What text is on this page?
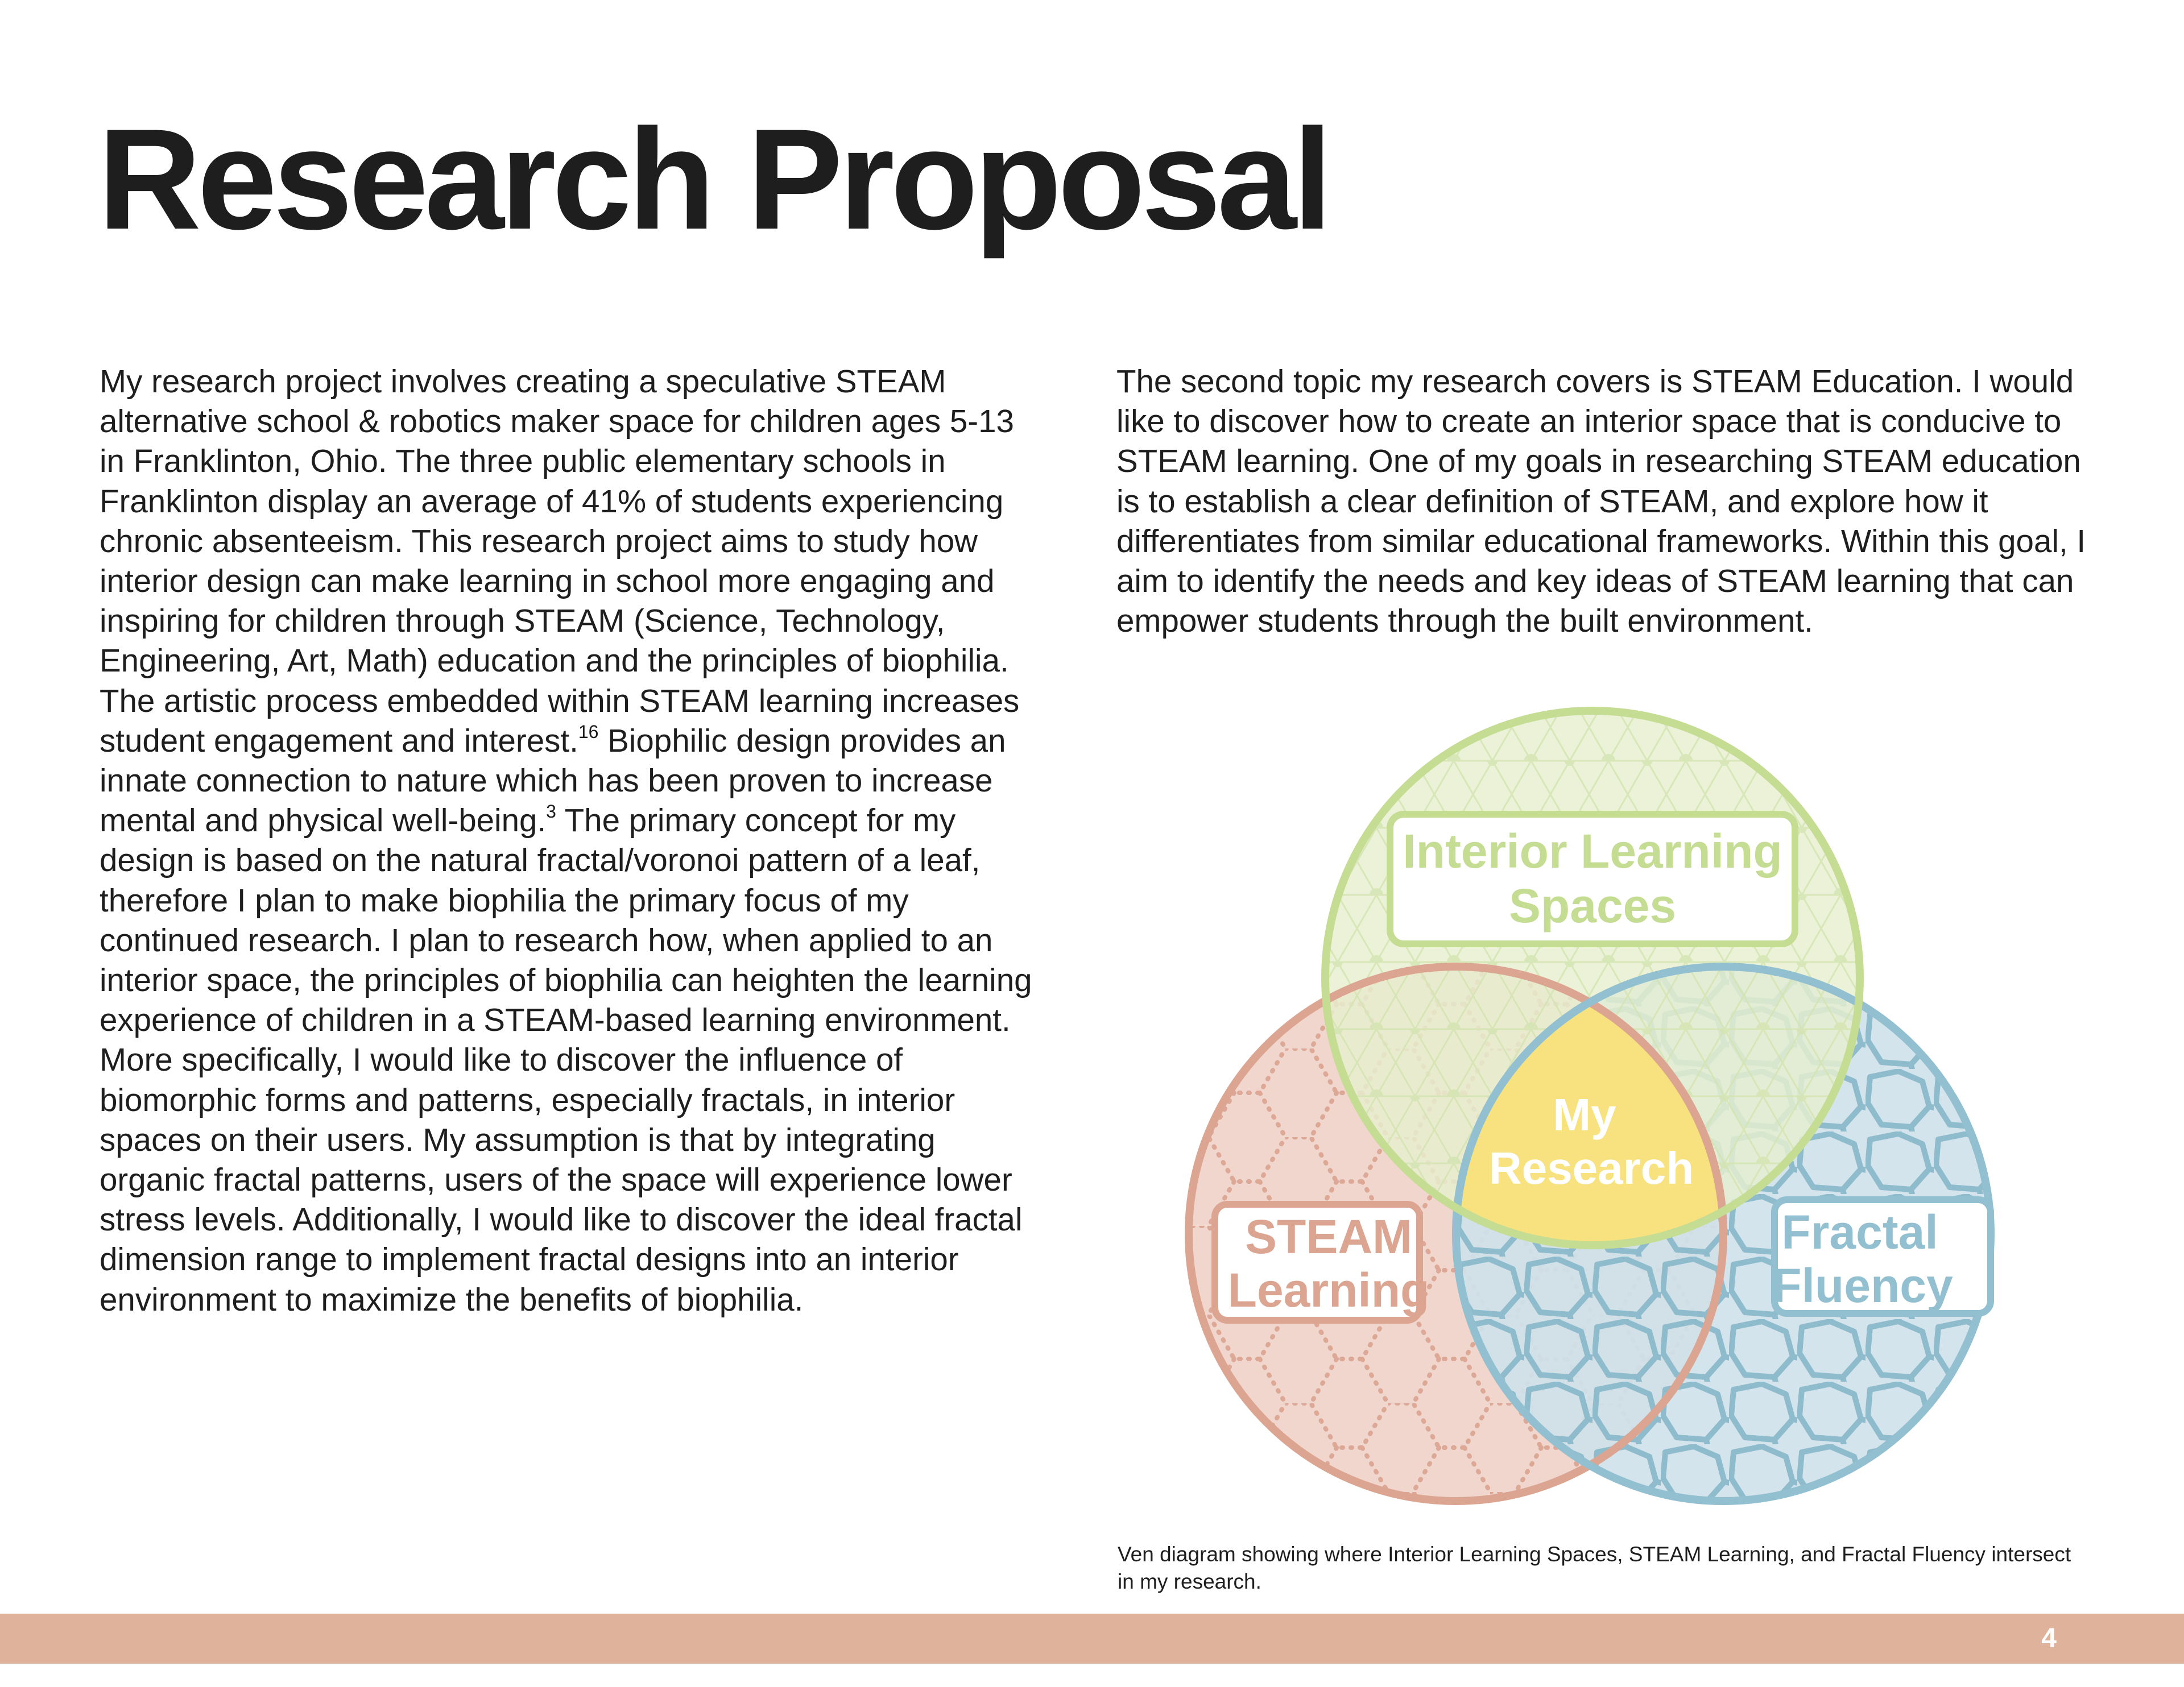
Research Proposal

My research project involves creating a speculative STEAM alternative school & robotics maker space for children ages 5-13 in Franklinton, Ohio. The three public elementary schools in Franklinton display an average of 41% of students experiencing chronic absenteeism. This research project aims to study how interior design can make learning in school more engaging and inspiring for children through STEAM (Science, Technology, Engineering, Art, Math) education and the principles of biophilia. The artistic process embedded within STEAM learning increases student engagement and interest.$^{16}$ Biophilic design provides an innate connection to nature which has been proven to increase mental and physical well-being.$^3$ The primary concept for my design is based on the natural fractal/voronoi pattern of a leaf, therefore I plan to make biophilia the primary focus of my continued research. I plan to research how, when applied to an interior space, the principles of biophilia can heighten the learning experience of children in a STEAM-based learning environment. More specifically, I would like to discover the influence of biomorphic forms and patterns, especially fractals, in interior spaces on their users. My assumption is that by integrating organic fractal patterns, users of the space will experience lower stress levels. Additionally, I would like to discover the ideal fractal dimension range to implement fractal designs into an interior environment to maximize the benefits of biophilia.

The second topic my research covers is STEAM Education. I would like to discover how to create an interior space that is conducive to STEAM learning. One of my goals in researching STEAM education is to establish a clear definition of STEAM, and explore how it differentiates from similar educational frameworks. Within this goal, I aim to identify the needs and key ideas of STEAM learning that can empower students through the built environment.

Interior Learning
Spaces
STEAM
Learning
Fractal
Fluency
My
Research
Ven diagram showing where Interior Learning Spaces, STEAM Learning, and Fractal Fluency intersect in my research.
4
